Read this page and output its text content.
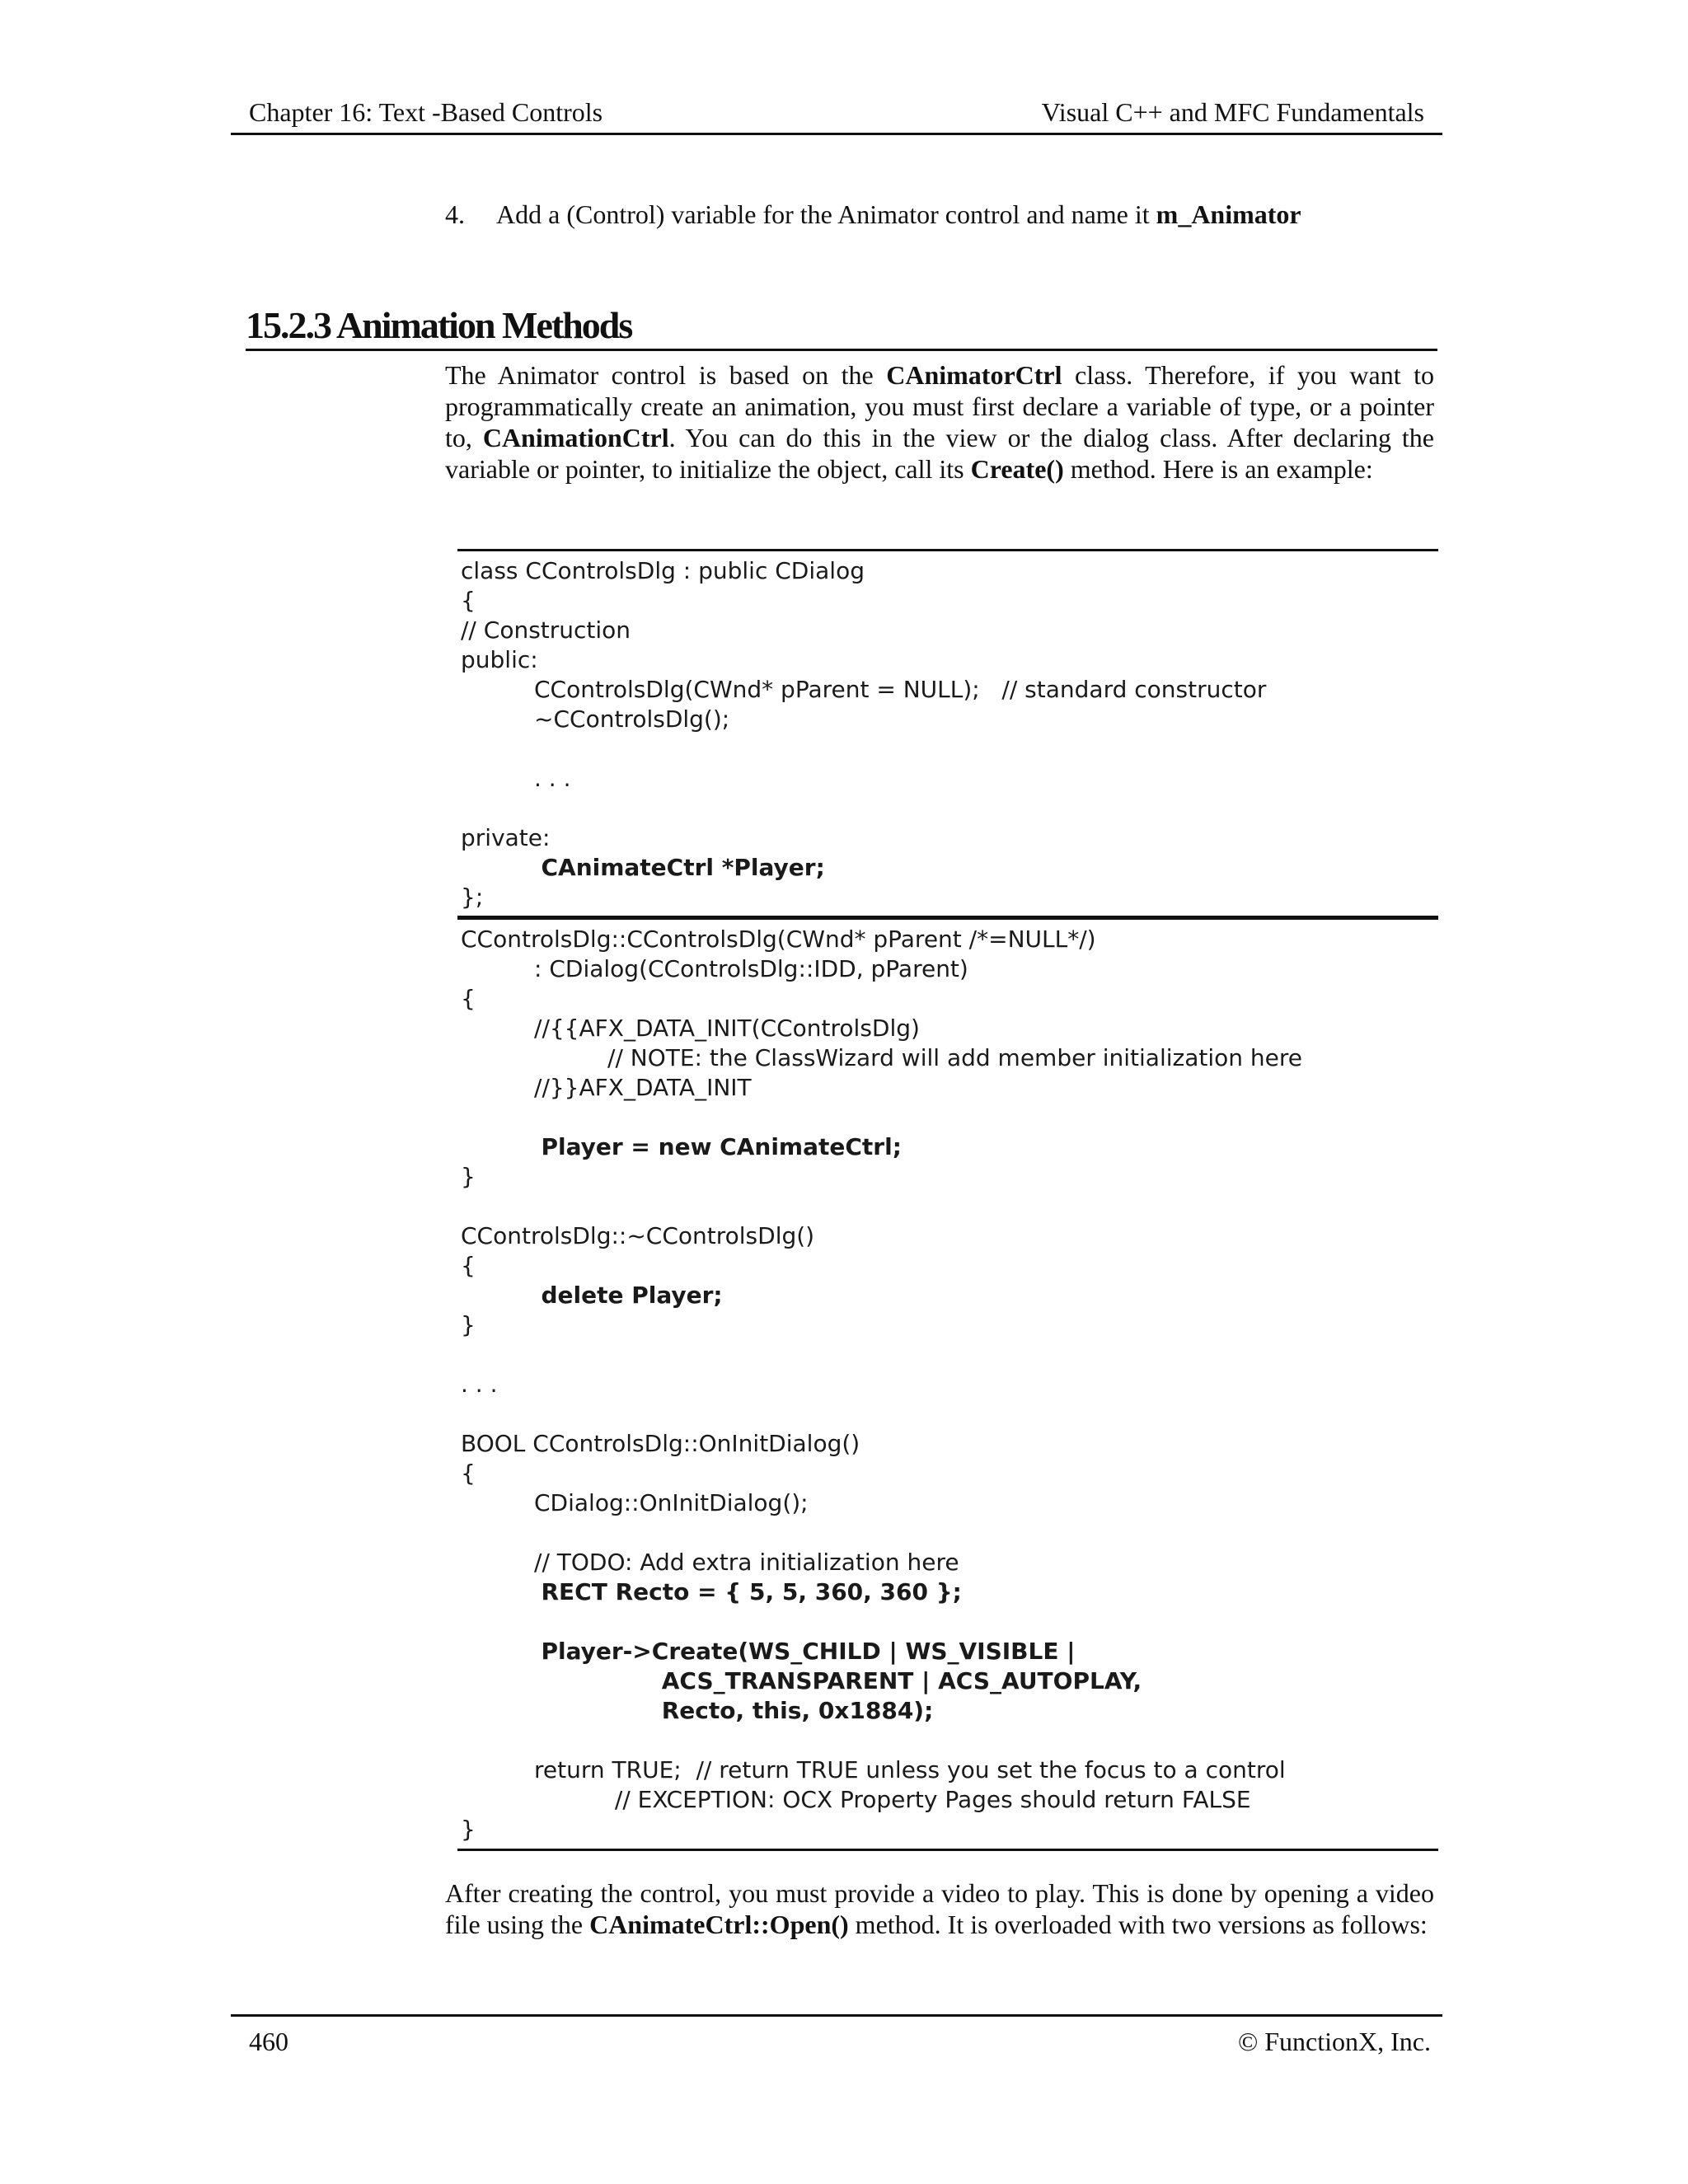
Chapter 16: Text -Based Controls	Visual C++ and MFC Fundamentals
4. Add a (Control) variable for the Animator control and name it m_Animator
15.2.3 Animation Methods
The Animator control is based on the CAnimatorCtrl class. Therefore, if you want to programmatically create an animation, you must first declare a variable of type, or a pointer to, CAnimationCtrl. You can do this in the view or the dialog class. After declaring the variable or pointer, to initialize the object, call its Create() method. Here is an example:
class CControlsDlg : public CDialog
{
// Construction
public:
CControlsDlg(CWnd* pParent = NULL);   // standard constructor
~CControlsDlg();
. . .
private:
CAnimateCtrl *Player;
};
CControlsDlg::CControlsDlg(CWnd* pParent /*=NULL*/)
: CDialog(CControlsDlg::IDD, pParent)
{
//{{AFX_DATA_INIT(CControlsDlg)
// NOTE: the ClassWizard will add member initialization here
//}}AFX_DATA_INIT
Player = new CAnimateCtrl;
}
CControlsDlg::~CControlsDlg()
{
delete Player;
}
. . .
BOOL CControlsDlg::OnInitDialog()
{
CDialog::OnInitDialog();
// TODO: Add extra initialization here
RECT Recto = { 5, 5, 360, 360 };
Player->Create(WS_CHILD | WS_VISIBLE |
ACS_TRANSPARENT | ACS_AUTOPLAY,
Recto, this, 0x1884);
return TRUE;  // return TRUE unless you set the focus to a control
// EXCEPTION: OCX Property Pages should return FALSE
}
After creating the control, you must provide a video to play. This is done by opening a video file using the CAnimateCtrl::Open() method. It is overloaded with two versions as follows:
460	© FunctionX, Inc.
